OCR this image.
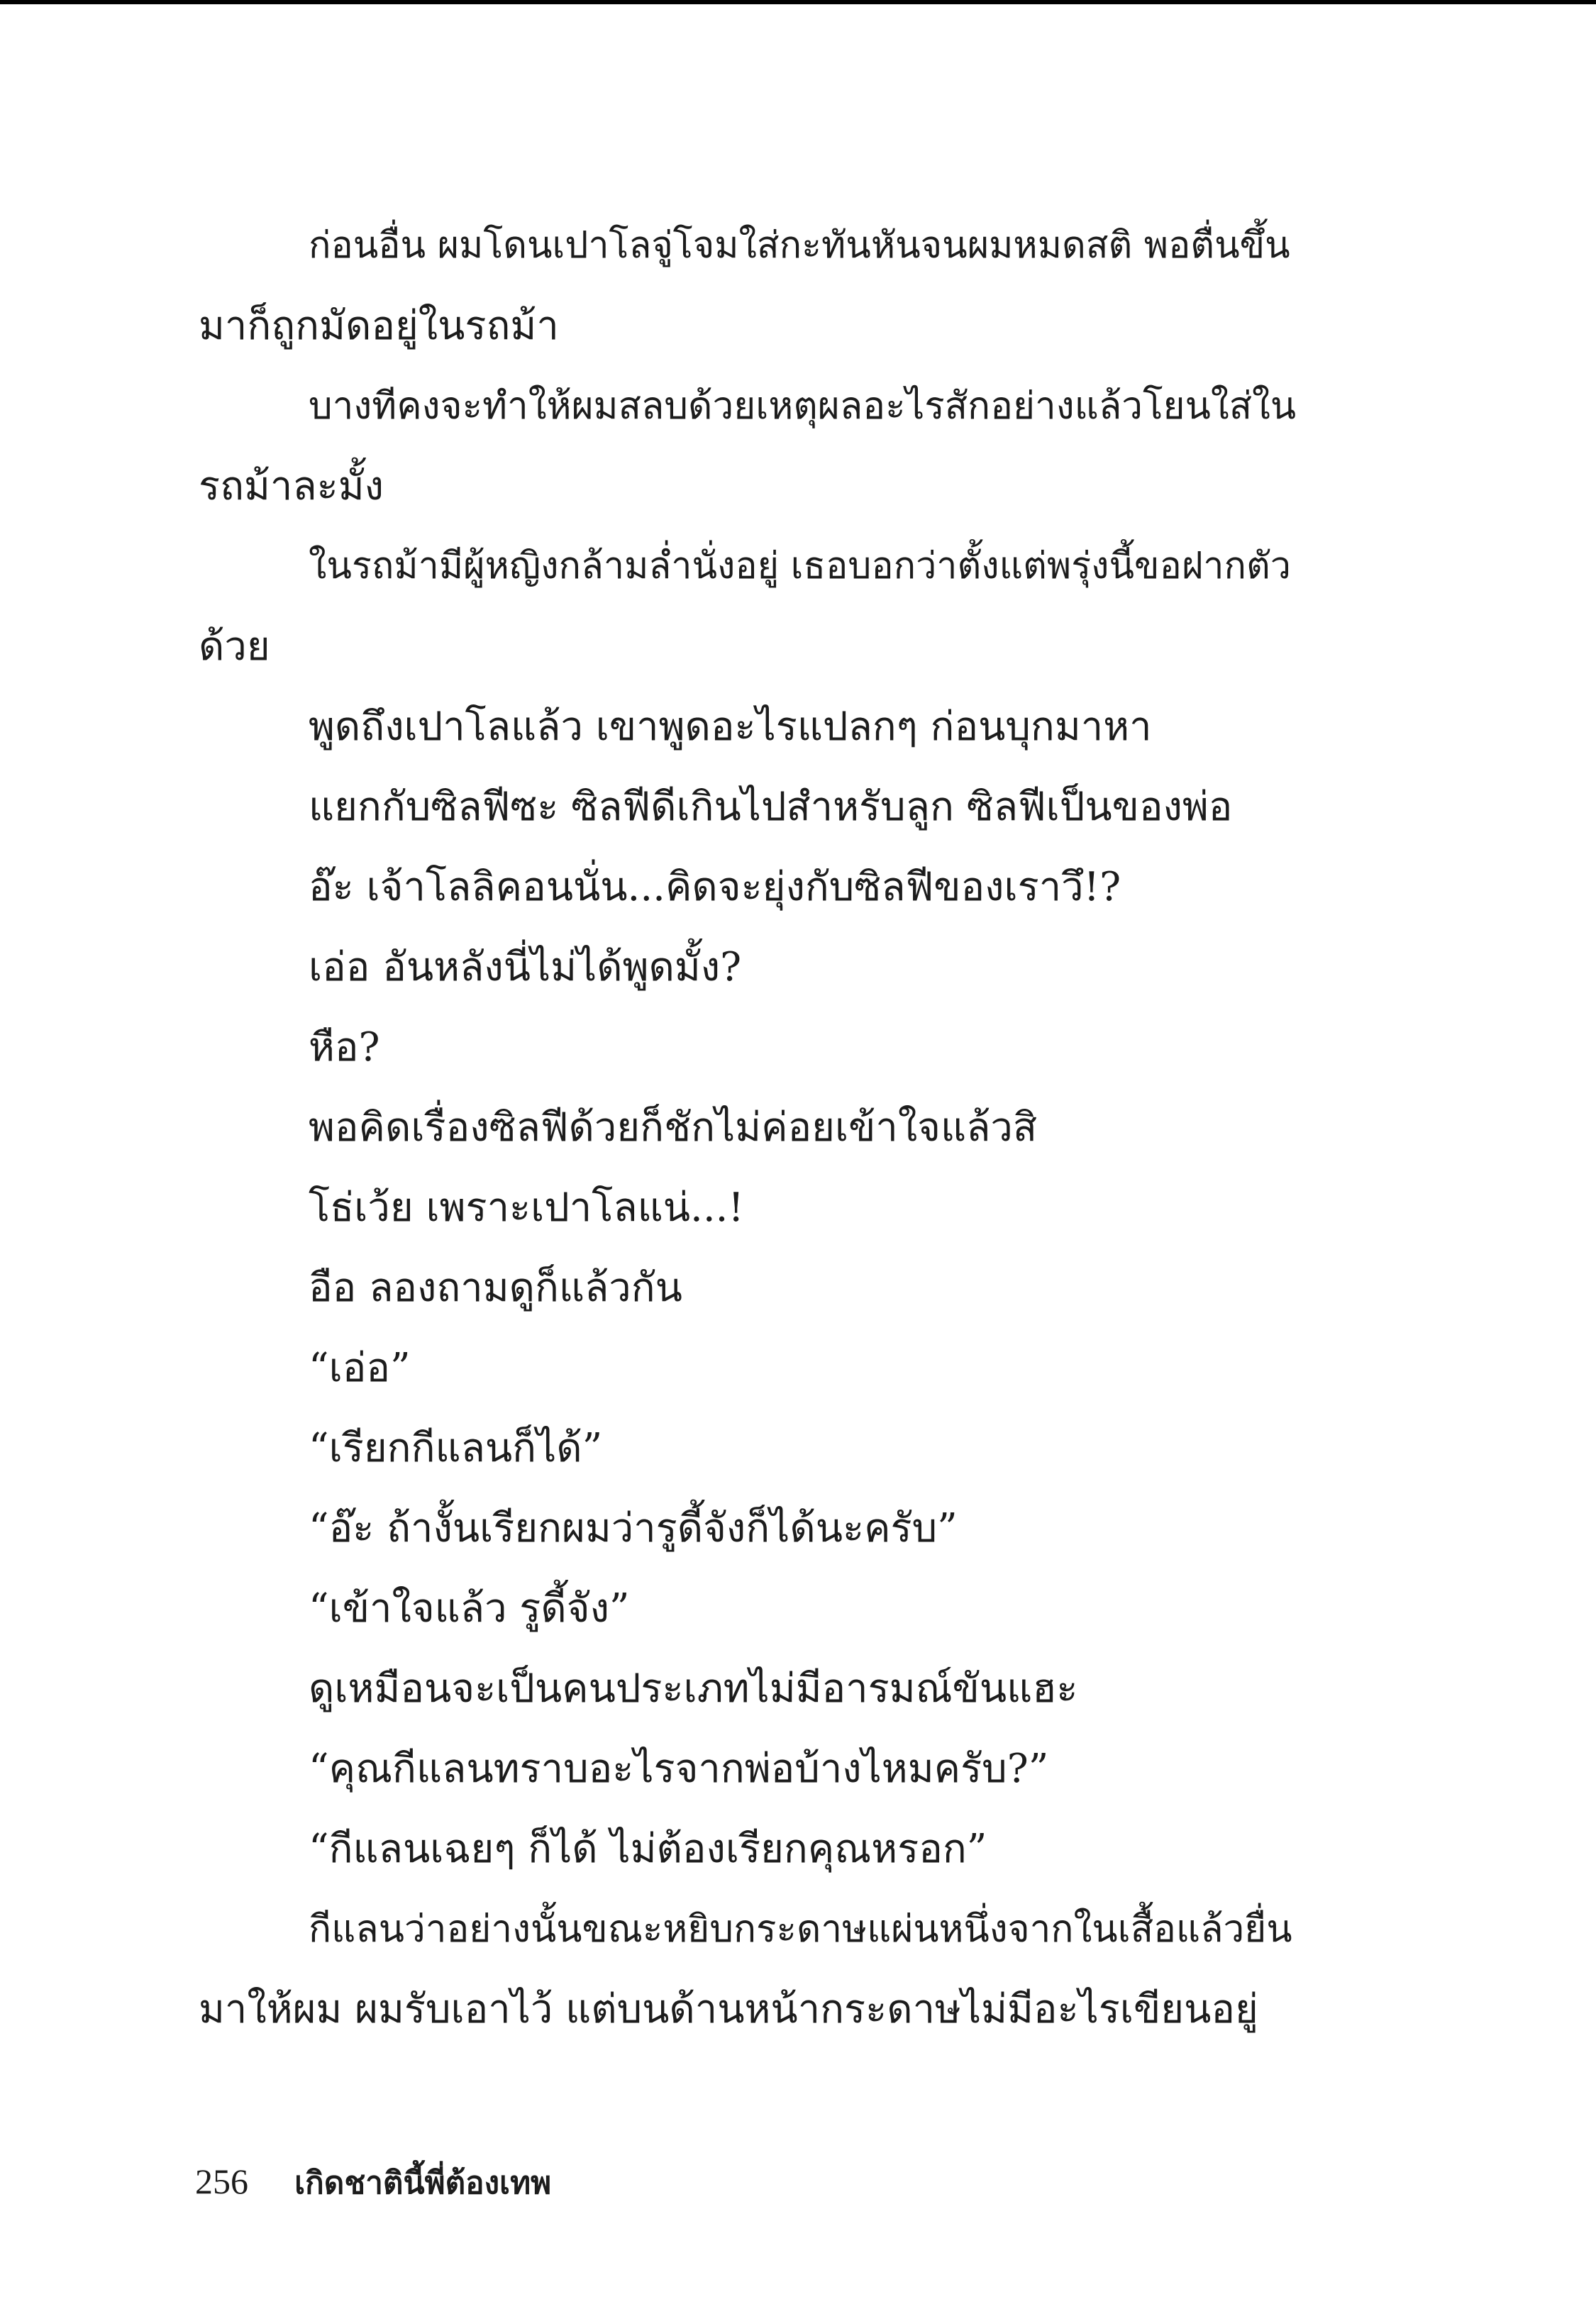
ก่อนอื่น ผมโดนเปาโลจู่โจมใส่กะทันหันจนผมหมดสติ พอตื่นขึ้น
มาก็ถูกมัดอยู่ในรถม้า
บางทีคงจะทำให้ผมสลบด้วยเหตุผลอะไรสักอย่างแล้วโยนใส่ใน
รถม้าละมั้ง
ในรถม้ามีผู้หญิงกล้ามล่ำนั่งอยู่ เธอบอกว่าตั้งแต่พรุ่งนี้ขอฝากตัว
ด้วย
พูดถึงเปาโลแล้ว เขาพูดอะไรแปลกๆ ก่อนบุกมาหา
แยกกับซิลฟีซะ ซิลฟีดีเกินไปสำหรับลูก ซิลฟีเป็นของพ่อ
อ๊ะ เจ้าโลลิคอนนั่น...คิดจะยุ่งกับซิลฟีของเราวึ!?
เอ่อ อันหลังนี่ไม่ได้พูดมั้ง?
หือ?
พอคิดเรื่องซิลฟีด้วยก็ชักไม่ค่อยเข้าใจแล้วสิ
โธ่เว้ย เพราะเปาโลแน่...!
อือ ลองถามดูก็แล้วกัน
“เอ่อ”
“เรียกกีแลนก็ได้”
“อ๊ะ ถ้างั้นเรียกผมว่ารูดี้จังก็ได้นะครับ”
“เข้าใจแล้ว รูดี้จัง”
ดูเหมือนจะเป็นคนประเภทไม่มีอารมณ์ขันแฮะ
“คุณกีแลนทราบอะไรจากพ่อบ้างไหมครับ?”
“กีแลนเฉยๆ ก็ได้ ไม่ต้องเรียกคุณหรอก”
กีแลนว่าอย่างนั้นขณะหยิบกระดาษแผ่นหนึ่งจากในเสื้อแล้วยื่น
มาให้ผม ผมรับเอาไว้ แต่บนด้านหน้ากระดาษไม่มีอะไรเขียนอยู่
256 เกิดชาตินี้พี่ต้องเทพ
